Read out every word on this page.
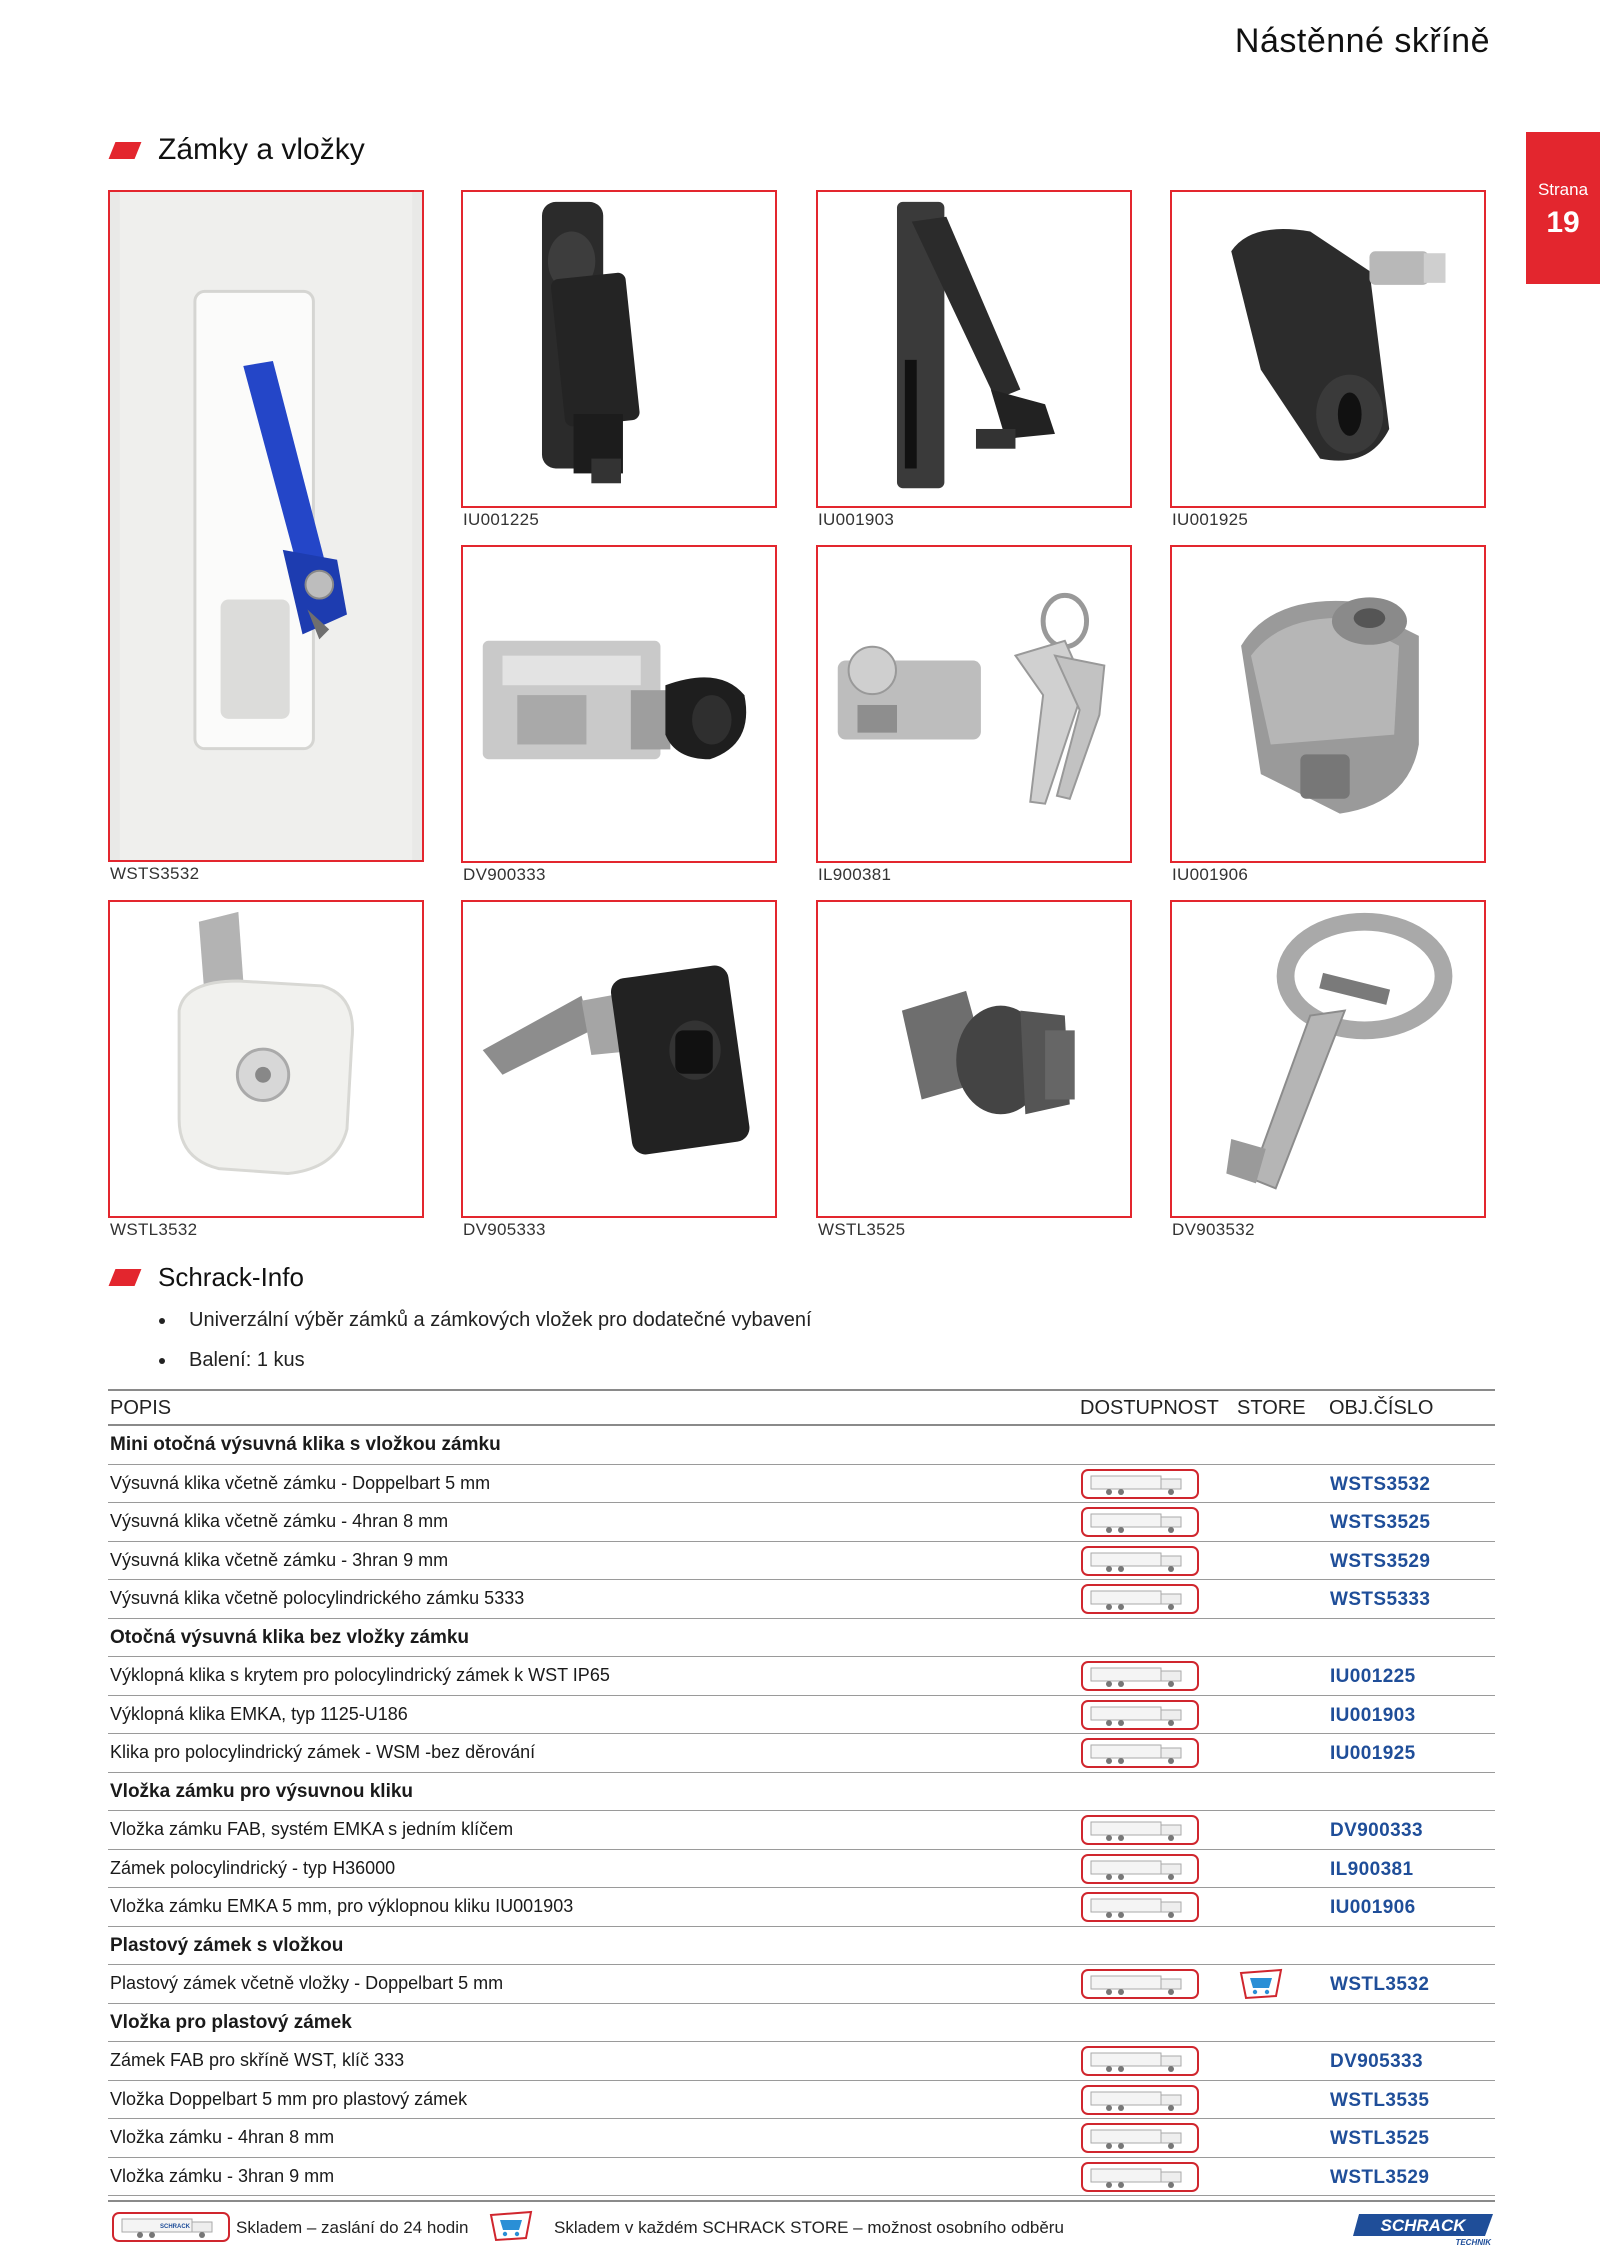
Nástěnné skříně
Strana
19
Zámky a vložky
WSTS3532
IU001225	IU001903	IU001925
DV900333	IL900381	IU001906
WSTL3532	DV905333	WSTL3525	DV903532
Schrack-Info
Univerzální výběr zámků a zámkových vložek pro dodatečné vybavení
Balení: 1 kus
POPIS	DOSTUPNOST STORE OBJ.ČÍSLO
Mini otočná výsuvná klika s vložkou zámku
Výsuvná klika včetně zámku - Doppelbart 5 mm	WSTS3532
Výsuvná klika včetně zámku - 4hran 8 mm	WSTS3525
Výsuvná klika včetně zámku - 3hran 9 mm	WSTS3529
Výsuvná klika včetně polocylindrického zámku 5333	WSTS5333
Otočná výsuvná klika bez vložky zámku
Výklopná klika s krytem pro polocylindrický zámek k WST IP65	IU001225
Výklopná klika EMKA, typ 1125-U186	IU001903
Klika pro polocylindrický zámek - WSM -bez děrování	IU001925
Vložka zámku pro výsuvnou kliku
Vložka zámku FAB, systém EMKA s jedním klíčem	DV900333
Zámek polocylindrický - typ H36000	IL900381
Vložka zámku EMKA 5 mm, pro výklopnou kliku IU001903	IU001906
Plastový zámek s vložkou
Plastový zámek včetně vložky - Doppelbart 5 mm	WSTL3532
Vložka pro plastový zámek
Zámek FAB pro skříně WST, klíč 333	DV905333
Vložka Doppelbart 5 mm pro plastový zámek	WSTL3535
Vložka zámku - 4hran 8 mm	WSTL3525
Vložka zámku - 3hran 9 mm	WSTL3529
SCHRACK	Skladem – zaslání do 24 hodin	Skladem v každém SCHRACK STORE – možnost osobního odběru	SCHRACK
TECHNIK
